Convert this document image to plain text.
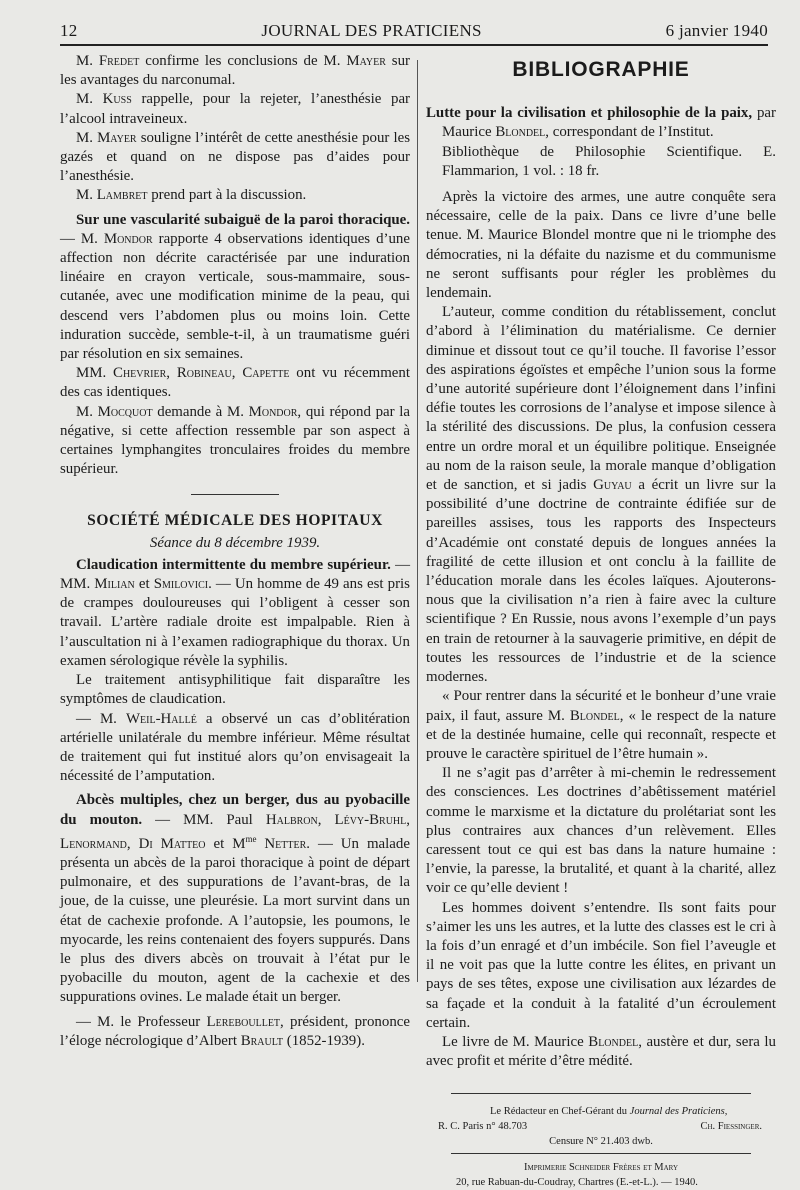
12	JOURNAL DES PRATICIENS	6 janvier 1940

M. Fredet confirme les conclusions de M. Mayer sur les avantages du narconumal.

M. Kuss rappelle, pour la rejeter, l’anesthésie par l’alcool intraveineux.

M. Mayer souligne l’intérêt de cette anesthésie pour les gazés et quand on ne dispose pas d’aides pour l’anesthésie.

M. Lambret prend part à la discussion.

Sur une vascularité subaiguë de la paroi thoracique. — M. Mondor rapporte 4 observations identiques d’une affection non décrite caractérisée par une induration linéaire en crayon verticale, sous-mammaire, sous-cutanée, avec une modification minime de la peau, qui descend vers l’abdomen plus ou moins loin. Cette induration succède, semble-t-il, à un traumatisme guéri par résolution en six semaines.

MM. Chevrier, Robineau, Capette ont vu récemment des cas identiques.

M. Mocquot demande à M. Mondor, qui répond par la négative, si cette affection ressemble par son aspect à certaines lymphangites tronculaires froides du membre supérieur.

SOCIÉTÉ MÉDICALE DES HOPITAUX
Séance du 8 décembre 1939.

Claudication intermittente du membre supérieur. — MM. Milian et Smilovici. — Un homme de 49 ans est pris de crampes douloureuses qui l’obligent à cesser son travail. L’artère radiale droite est impalpable. Rien à l’auscultation ni à l’examen radiographique du thorax. Un examen sérologique révèle la syphilis.

Le traitement antisyphilitique fait disparaître les symptômes de claudication.

— M. Weil-Hallé a observé un cas d’oblitération artérielle unilatérale du membre inférieur. Même résultat de traitement qui fut institué alors qu’on envisageait la nécessité de l’amputation.

Abcès multiples, chez un berger, dus au pyobacille du mouton. — MM. Paul Halbron, Lévy-Bruhl, Lenormand, Di Matteo et $M^{me}$ Netter. — Un malade présenta un abcès de la paroi thoracique à point de départ pulmonaire, et des suppurations de l’avant-bras, de la joue, de la cuisse, une pleurésie. La mort survint dans un état de cachexie profonde. A l’autopsie, les poumons, le myocarde, les reins contenaient des foyers suppurés. Dans le plus des divers abcès on trouvait à l’état pur le pyobacille du mouton, agent de la cachexie et des suppurations ovines. Le malade était un berger.

— M. le Professeur Lereboullet, président, prononce l’éloge nécrologique d’Albert Brault (1852-1939).

BIBLIOGRAPHIE

Lutte pour la civilisation et philosophie de la paix, par Maurice Blondel, correspondant de l’Institut.

Bibliothèque de Philosophie Scientifique. E. Flammarion, 1 vol. : 18 fr.

Après la victoire des armes, une autre conquête sera nécessaire, celle de la paix. Dans ce livre d’une belle tenue. M. Maurice Blondel montre que ni le triomphe des démocraties, ni la défaite du nazisme et du communisme ne seront suffisants pour régler les problèmes du lendemain.

L’auteur, comme condition du rétablissement, conclut d’abord à l’élimination du matérialisme. Ce dernier diminue et dissout tout ce qu’il touche. Il favorise l’essor des aspirations égoïstes et empêche l’union sous la forme d’une autorité supérieure dont l’éloignement dans l’infini défie toutes les corrosions de l’analyse et impose silence à la stérilité des discussions. De plus, la confusion cessera entre un ordre moral et un équilibre politique. Enseignée au nom de la raison seule, la morale manque d’obligation et de sanction, et si jadis Guyau a écrit un livre sur la possibilité d’une doctrine de contrainte édifiée sur de pareilles assises, tous les rapports des Inspecteurs d’Académie ont constaté depuis de longues années la fragilité de cette illusion et ont conclu à la faillite de l’éducation morale dans les écoles laïques. Ajouterons-nous que la civilisation n’a rien à faire avec la culture scientifique ? En Russie, nous avons l’exemple d’un pays en train de retourner à la sauvagerie primitive, en dépit de toutes les ressources de l’industrie et de la science modernes.

« Pour rentrer dans la sécurité et le bonheur d’une vraie paix, il faut, assure M. Blondel, « le respect de la nature et de la destinée humaine, celle qui reconnaît, respecte et prouve le caractère spirituel de l’être humain ».

Il ne s’agit pas d’arrêter à mi-chemin le redressement des consciences. Les doctrines d’abêtissement matériel comme le marxisme et la dictature du prolétariat sont les plus contraires aux chances d’un relèvement. Elles caressent tout ce qui est bas dans la nature humaine : l’envie, la paresse, la brutalité, et quant à la charité, allez voir ce qu’elle devient !

Les hommes doivent s’entendre. Ils sont faits pour s’aimer les uns les autres, et la lutte des classes est le cri à la fois d’un enragé et d’un imbécile. Son fiel l’aveugle et il ne voit pas que la lutte contre les élites, en privant un pays de ses têtes, expose une civilisation aux lézardes de sa façade et la conduit à la fatalité d’un écroulement certain.

Le livre de M. Maurice Blondel, austère et dur, sera lu avec profit et mérite d’être médité.

Le Rédacteur en Chef-Gérant du Journal des Praticiens,
R. C. Paris n° 48.703	Ch. Fiessinger.
Censure N° 21.403 dwb.
Imprimerie Schneider Frères et Mary
20, rue Rabuan-du-Coudray, Chartres (E.-et-L.). — 1940.
